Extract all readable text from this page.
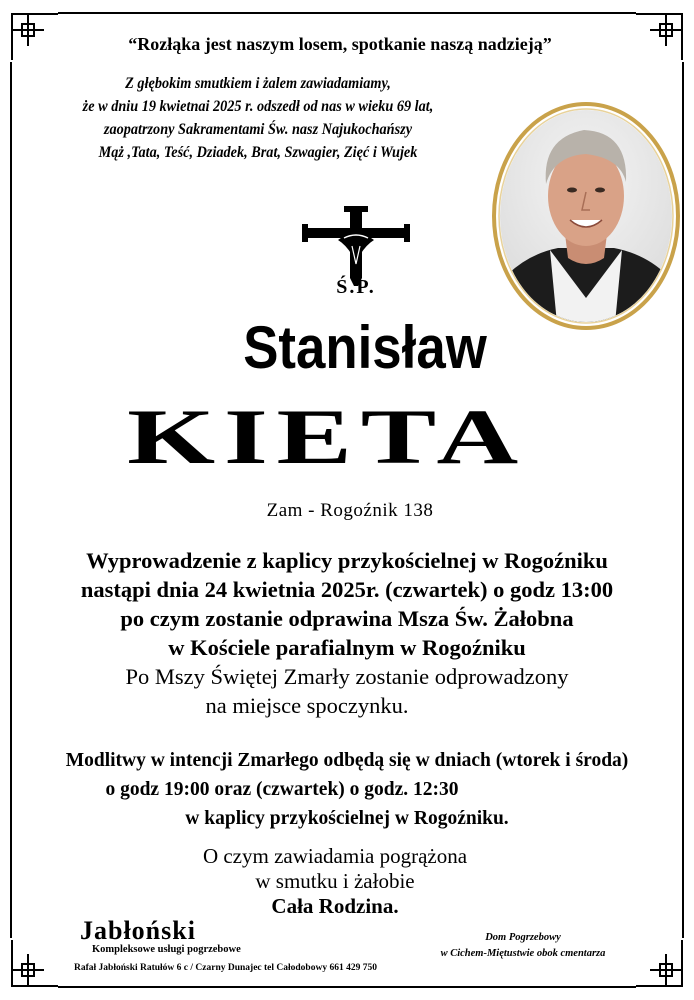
“Rozłąka jest naszym losem, spotkanie naszą nadzieją”
Z głębokim smutkiem i żalem zawiadamiamy,
że w dniu 19 kwietnai 2025 r. odszedł od nas w wieku 69 lat,
zaopatrzony Sakramentami Św. nasz Najukochańszy
Mąż ,Tata, Teść, Dziadek, Brat, Szwagier, Zięć i Wujek
Ś.P.
Stanisław
KIETA
Zam - Rogoźnik 138
Wyprowadzenie z kaplicy przykościelnej w Rogoźniku
nastąpi dnia 24 kwietnia 2025r. (czwartek) o godz 13:00
po czym zostanie odprawina Msza Św. Żałobna
w Kościele parafialnym w Rogoźniku
Po Mszy Świętej Zmarły zostanie odprowadzony
na miejsce spoczynku.
Modlitwy w intencji Zmarłego odbędą się w dniach (wtorek i środa)
o godz 19:00 oraz (czwartek) o godz. 12:30
w kaplicy przykościelnej w Rogoźniku.
O czym zawiadamia pogrążona
w smutku i żałobie
Cała Rodzina.
Jabłoński
Kompleksowe usługi pogrzebowe
Rafał Jabłoński Ratułów 6 c / Czarny Dunajec tel Całodobowy 661 429 750
Dom Pogrzebowy
w Cichem-Miętustwie obok cmentarza
